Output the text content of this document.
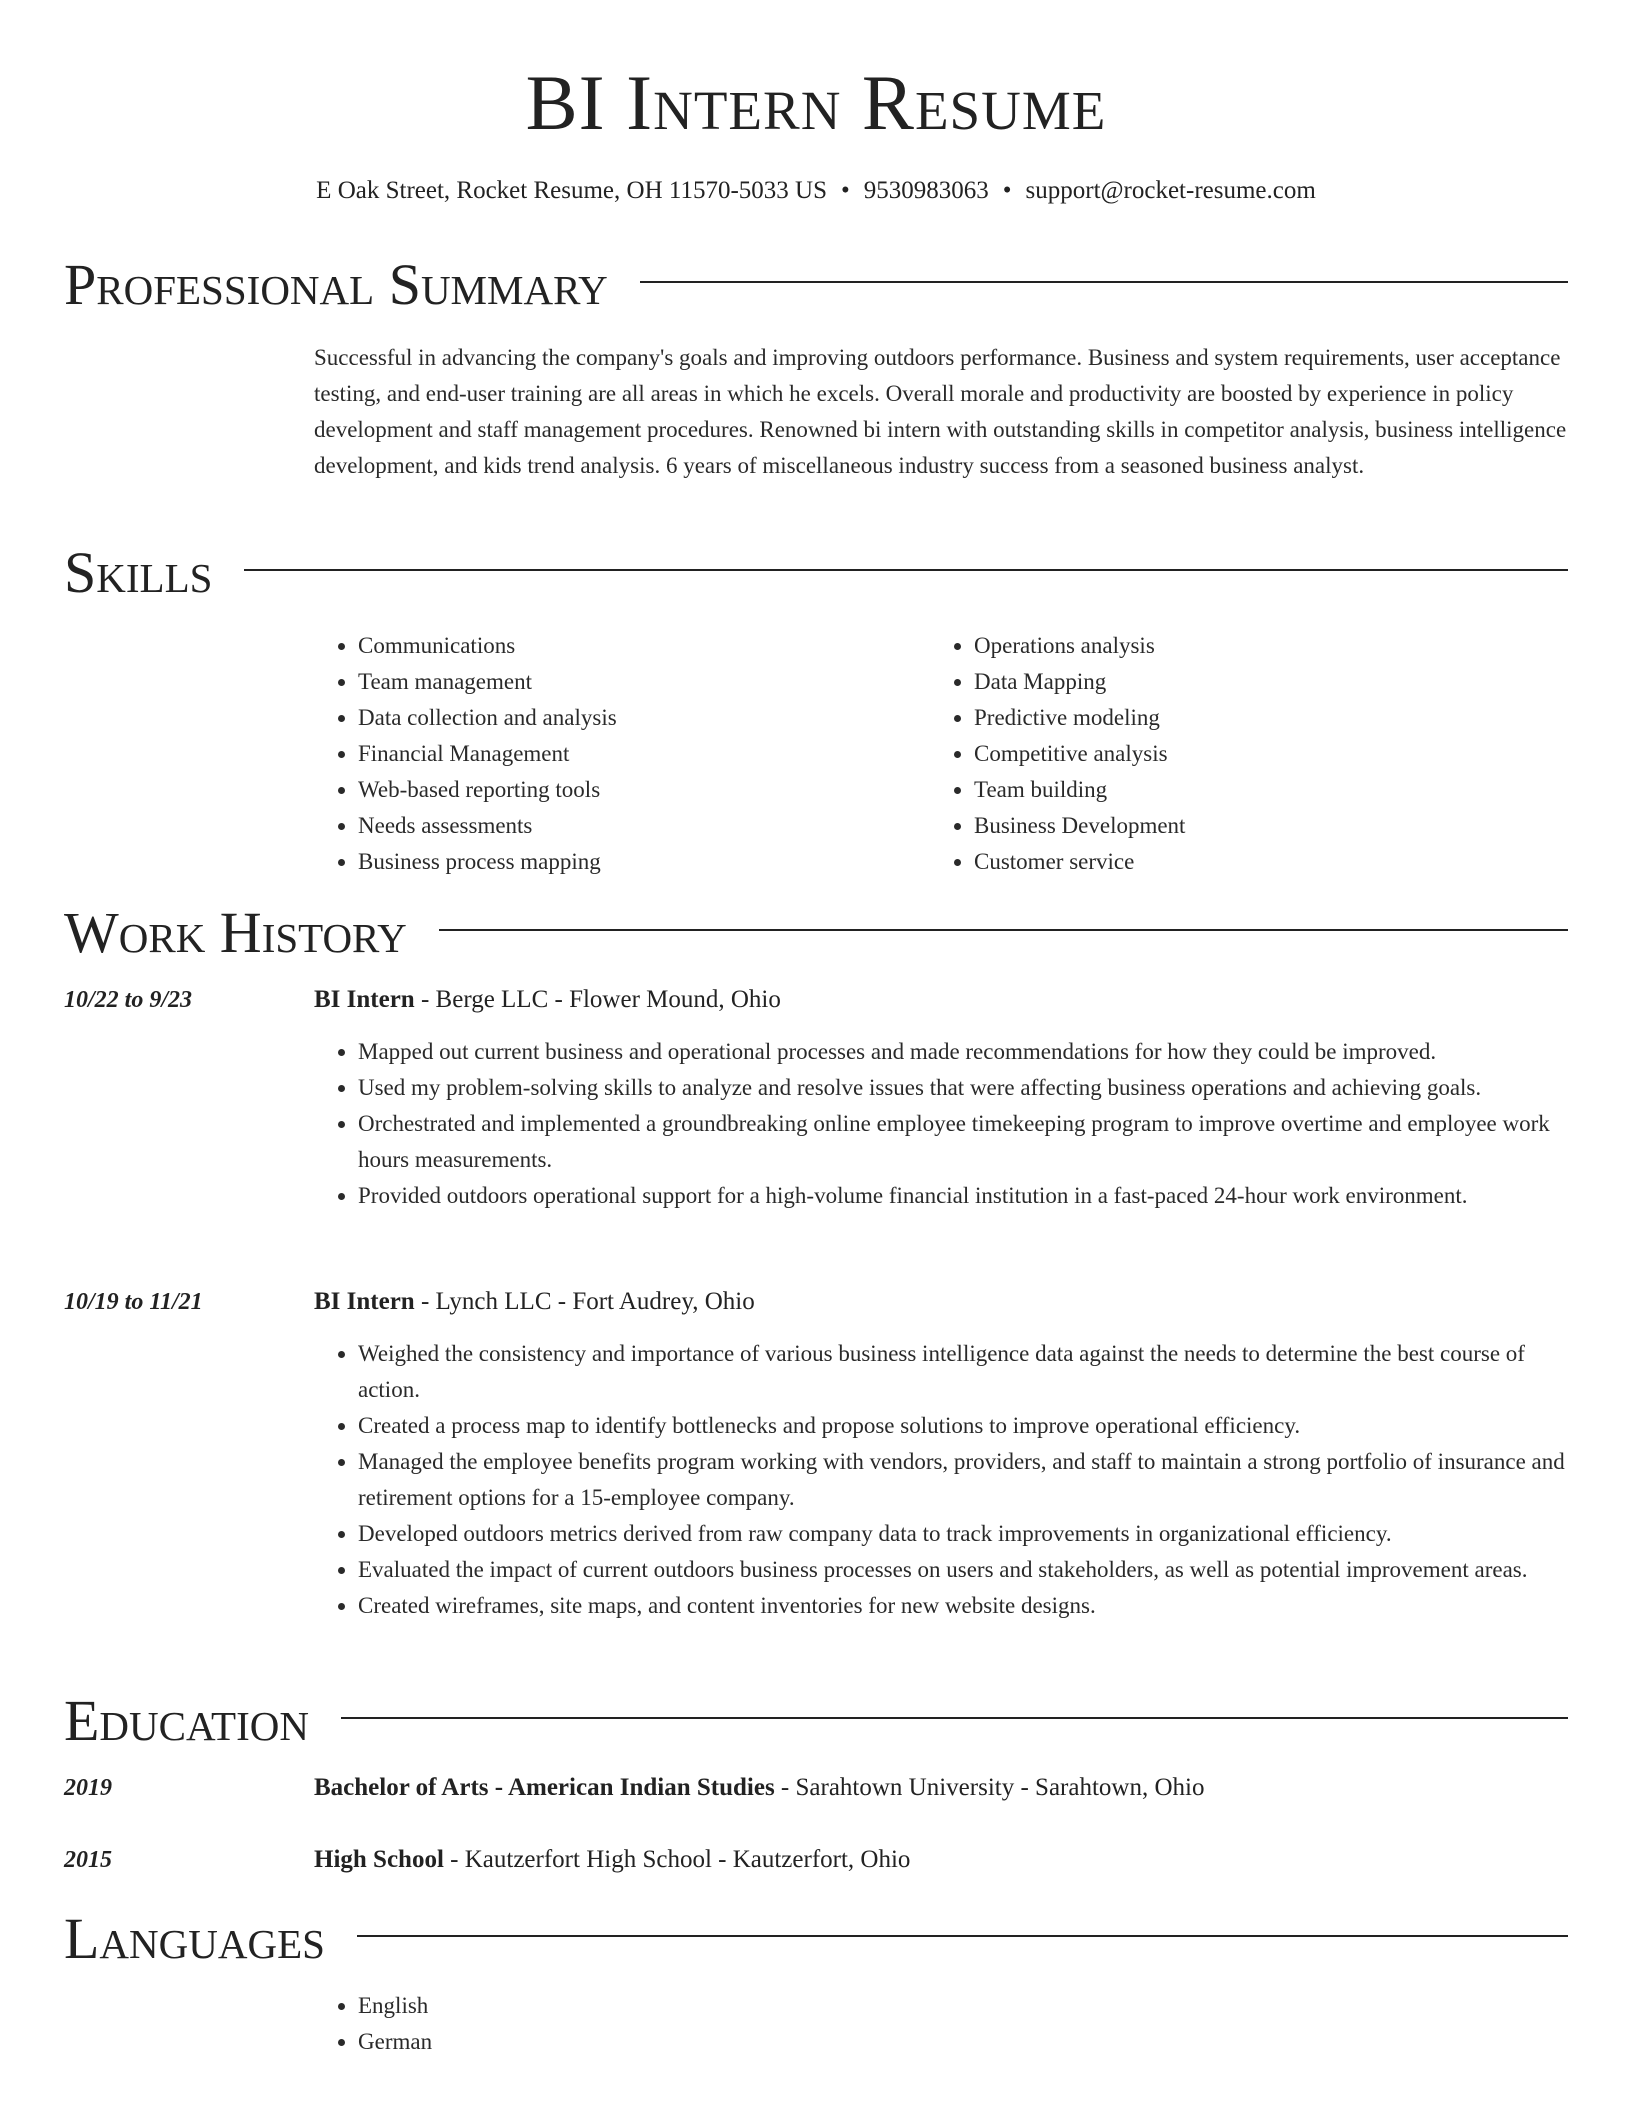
BI Intern Resume
E Oak Street, Rocket Resume, OH 11570-5033 US • 9530983063 • support@rocket-resume.com
Professional Summary
Successful in advancing the company's goals and improving outdoors performance. Business and system requirements, user acceptance testing, and end-user training are all areas in which he excels. Overall morale and productivity are boosted by experience in policy development and staff management procedures. Renowned bi intern with outstanding skills in competitor analysis, business intelligence development, and kids trend analysis. 6 years of miscellaneous industry success from a seasoned business analyst.
Skills
• Communications
• Team management
• Data collection and analysis
• Financial Management
• Web-based reporting tools
• Needs assessments
• Business process mapping
• Operations analysis
• Data Mapping
• Predictive modeling
• Competitive analysis
• Team building
• Business Development
• Customer service
Work History
10/22 to 9/23	BI Intern - Berge LLC - Flower Mound, Ohio
• Mapped out current business and operational processes and made recommendations for how they could be improved.
• Used my problem-solving skills to analyze and resolve issues that were affecting business operations and achieving goals.
• Orchestrated and implemented a groundbreaking online employee timekeeping program to improve overtime and employee work hours measurements.
• Provided outdoors operational support for a high-volume financial institution in a fast-paced 24-hour work environment.
10/19 to 11/21	BI Intern - Lynch LLC - Fort Audrey, Ohio
• Weighed the consistency and importance of various business intelligence data against the needs to determine the best course of action.
• Created a process map to identify bottlenecks and propose solutions to improve operational efficiency.
• Managed the employee benefits program working with vendors, providers, and staff to maintain a strong portfolio of insurance and retirement options for a 15-employee company.
• Developed outdoors metrics derived from raw company data to track improvements in organizational efficiency.
• Evaluated the impact of current outdoors business processes on users and stakeholders, as well as potential improvement areas.
• Created wireframes, site maps, and content inventories for new website designs.
Education
2019	Bachelor of Arts - American Indian Studies - Sarahtown University - Sarahtown, Ohio
2015	High School - Kautzerfort High School - Kautzerfort, Ohio
Languages
• English
• German
